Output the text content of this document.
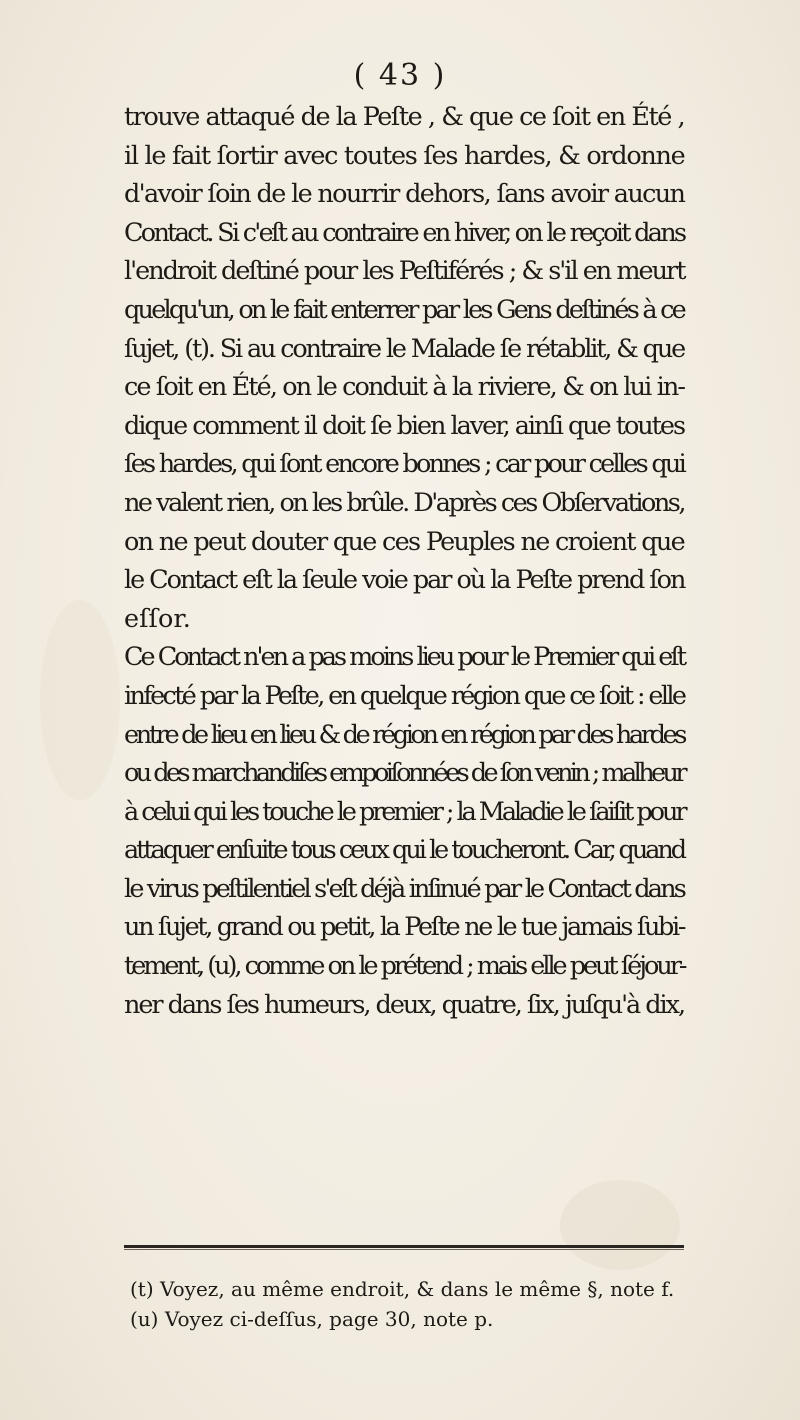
( 43 )
trouve attaqué de la Peſte , & que ce ſoit en Été ,
il le fait ſortir avec toutes ſes hardes, & ordonne
d'avoir ſoin de le nourrir dehors, ſans avoir aucun
Contact. Si c'eſt au contraire en hiver, on le reçoit dans
l'endroit deſtiné pour les Peſtiférés ; & s'il en meurt
quelqu'un, on le fait enterrer par les Gens deſtinés à ce
ſujet, (t). Si au contraire le Malade ſe rétablit, & que
ce ſoit en Été, on le conduit à la riviere, & on lui in-
dique comment il doit ſe bien laver, ainſi que toutes
ſes hardes, qui ſont encore bonnes ; car pour celles qui
ne valent rien, on les brûle. D'après ces Obſervations,
on ne peut douter que ces Peuples ne croient que
le Contact eſt la ſeule voie par où la Peſte prend ſon
eſſor.
Ce Contact n'en a pas moins lieu pour le Premier qui eſt
infecté par la Peſte, en quelque région que ce ſoit : elle
entre de lieu en lieu & de région en région par des hardes
ou des marchandiſes empoiſonnées de ſon venin ; malheur
à celui qui les touche le premier ; la Maladie le ſaiſit pour
attaquer enſuite tous ceux qui le toucheront. Car, quand
le virus peſtilentiel s'eſt déjà inſinué par le Contact dans
un ſujet, grand ou petit, la Peſte ne le tue jamais ſubi-
tement, (u), comme on le prétend ; mais elle peut ſéjour-
ner dans ſes humeurs, deux, quatre, ſix, juſqu'à dix,
(t) Voyez, au même endroit, & dans le même §, note f.
(u) Voyez ci-deſſus, page 30, note p.
